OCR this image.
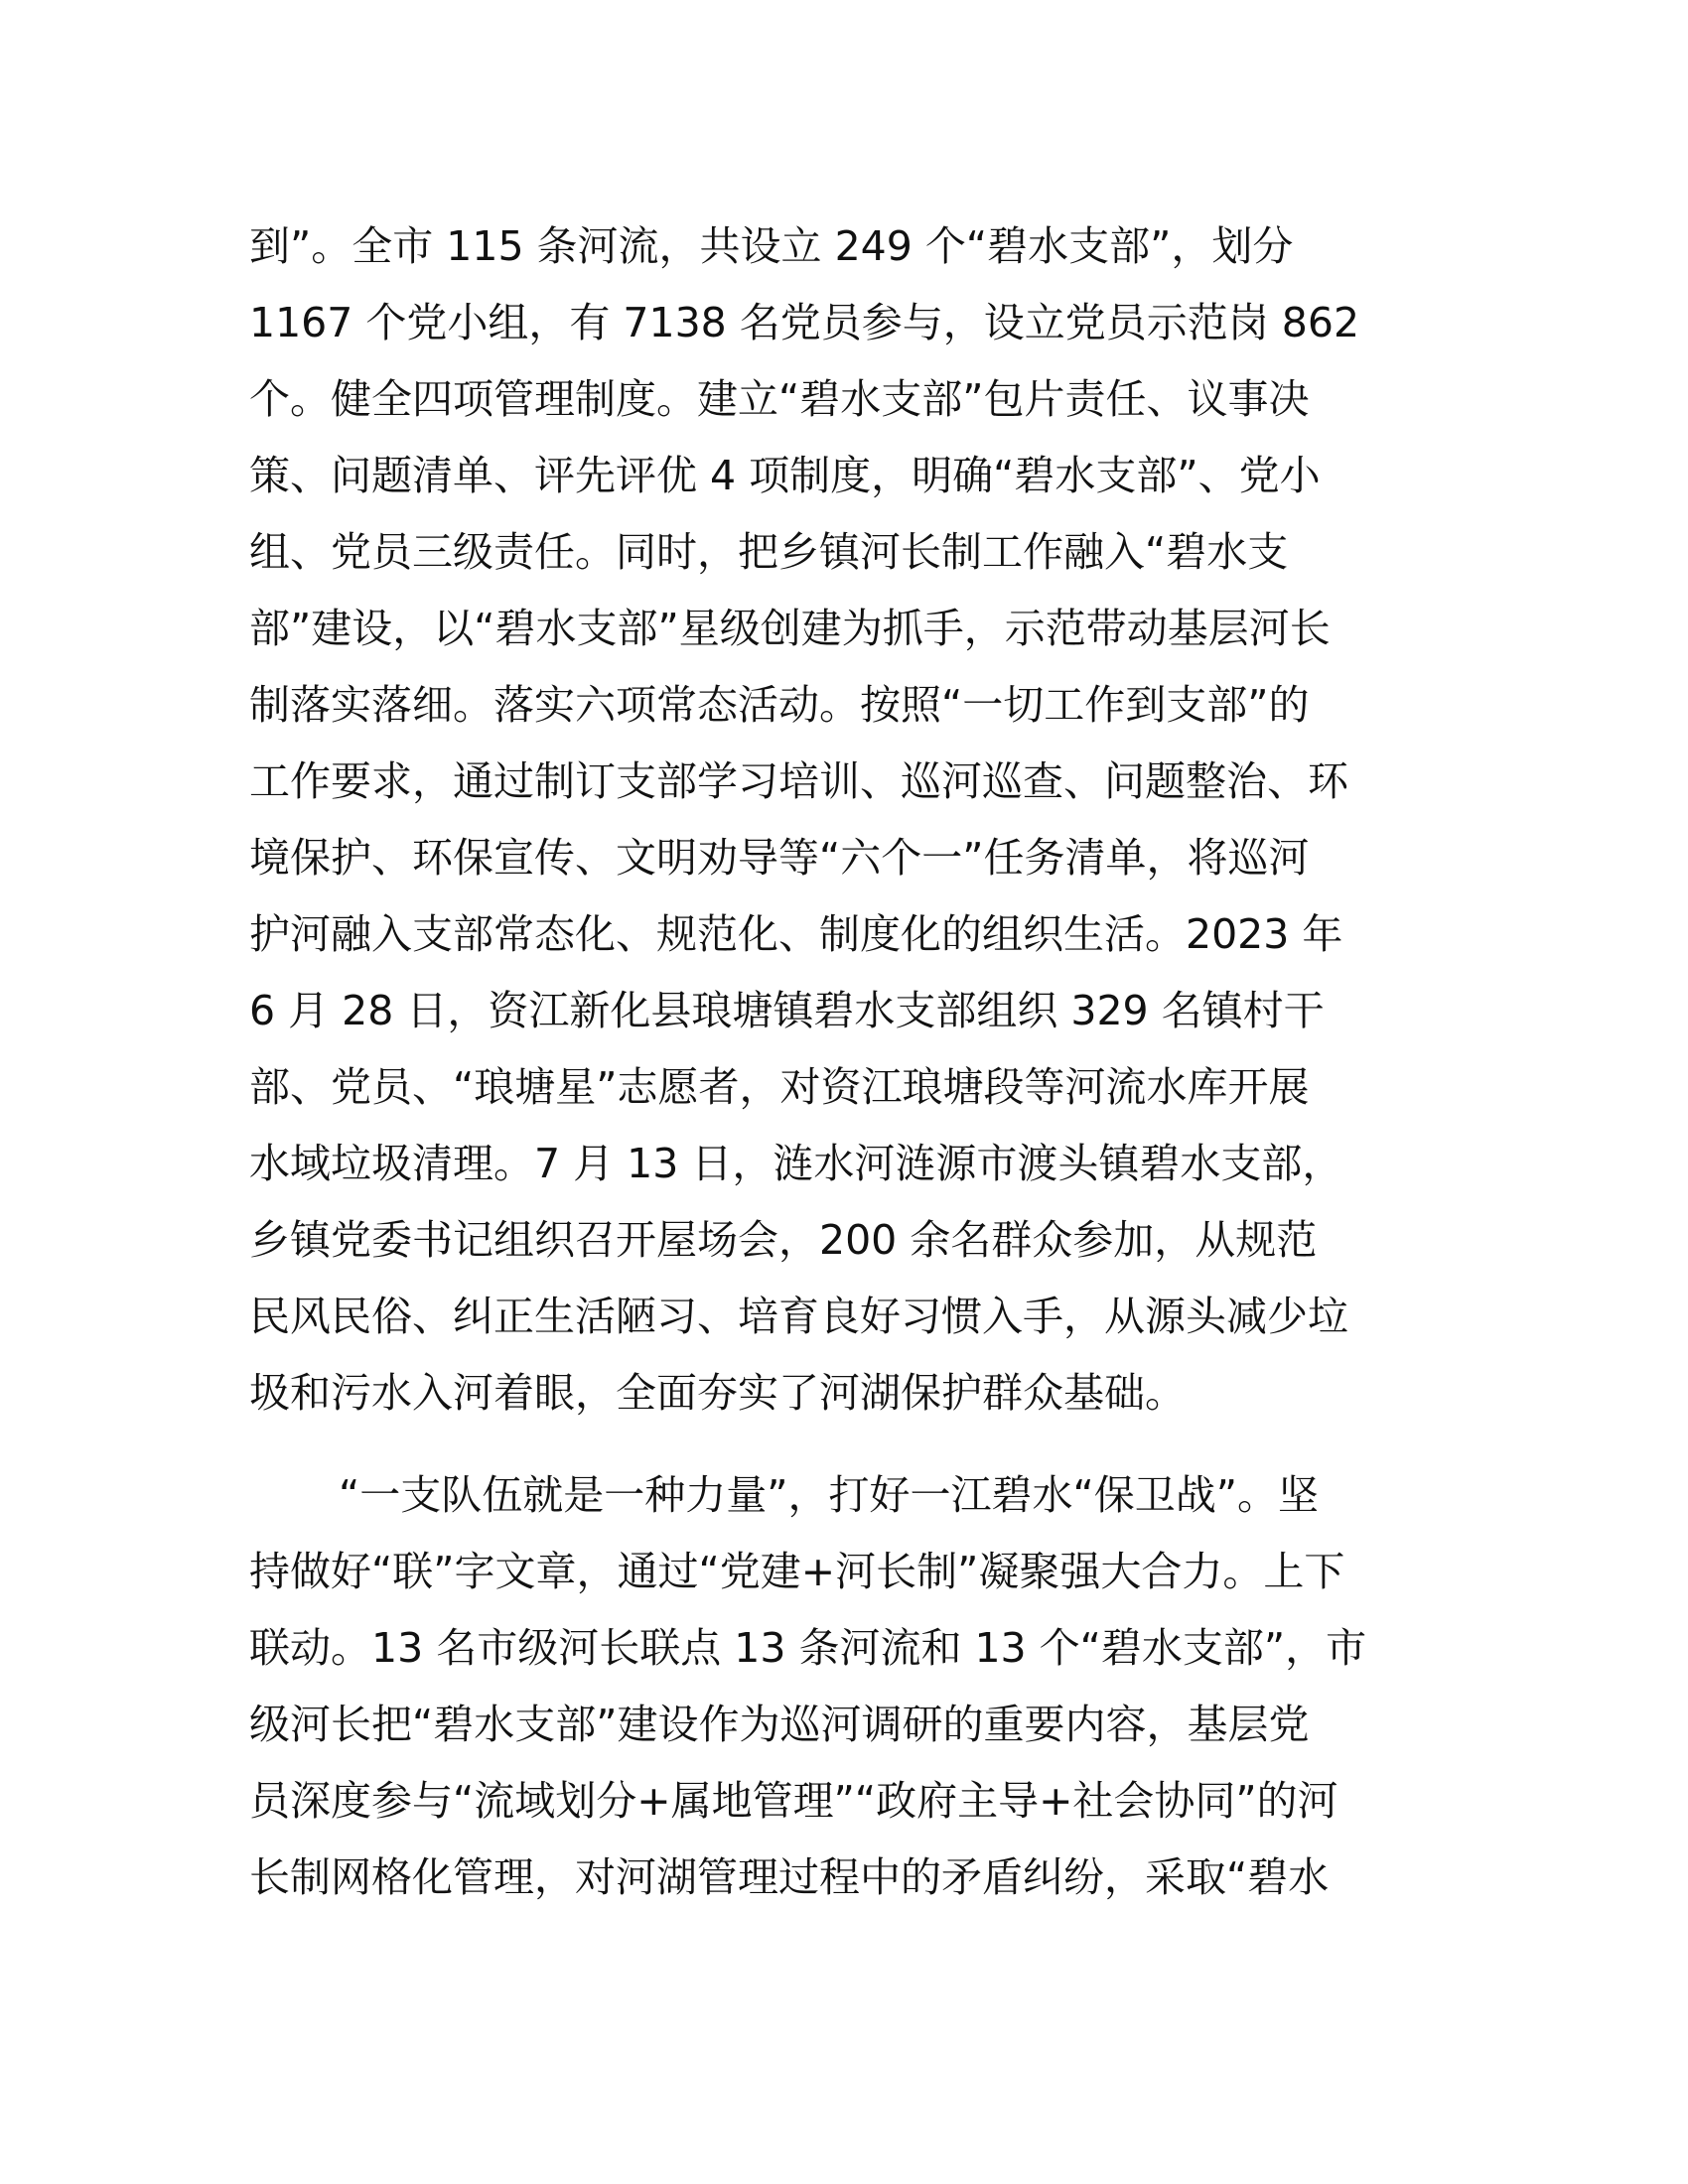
到”。全市 115 条河流，共设立 249 个“碧水支部”，划分
1167 个党小组，有 7138 名党员参与，设立党员示范岗 862
个。健全四项管理制度。建立“碧水支部”包片责任、议事决
策、问题清单、评先评优 4 项制度，明确“碧水支部”、党小
组、党员三级责任。同时，把乡镇河长制工作融入“碧水支
部”建设，以“碧水支部”星级创建为抓手，示范带动基层河长
制落实落细。落实六项常态活动。按照“一切工作到支部”的
工作要求，通过制订支部学习培训、巡河巡查、问题整治、环
境保护、环保宣传、文明劝导等“六个一”任务清单，将巡河
护河融入支部常态化、规范化、制度化的组织生活。2023 年
6 月 28 日，资江新化县琅塘镇碧水支部组织 329 名镇村干
部、党员、“琅塘星”志愿者，对资江琅塘段等河流水库开展
水域垃圾清理。7 月 13 日，涟水河涟源市渡头镇碧水支部，
乡镇党委书记组织召开屋场会，200 余名群众参加，从规范
民风民俗、纠正生活陋习、培育良好习惯入手，从源头减少垃
圾和污水入河着眼，全面夯实了河湖保护群众基础。
“一支队伍就是一种力量”，打好一江碧水“保卫战”。坚
持做好“联”字文章，通过“党建+河长制”凝聚强大合力。上下
联动。13 名市级河长联点 13 条河流和 13 个“碧水支部”，市
级河长把“碧水支部”建设作为巡河调研的重要内容，基层党
员深度参与“流域划分+属地管理”“政府主导+社会协同”的河
长制网格化管理，对河湖管理过程中的矛盾纠纷，采取“碧水
